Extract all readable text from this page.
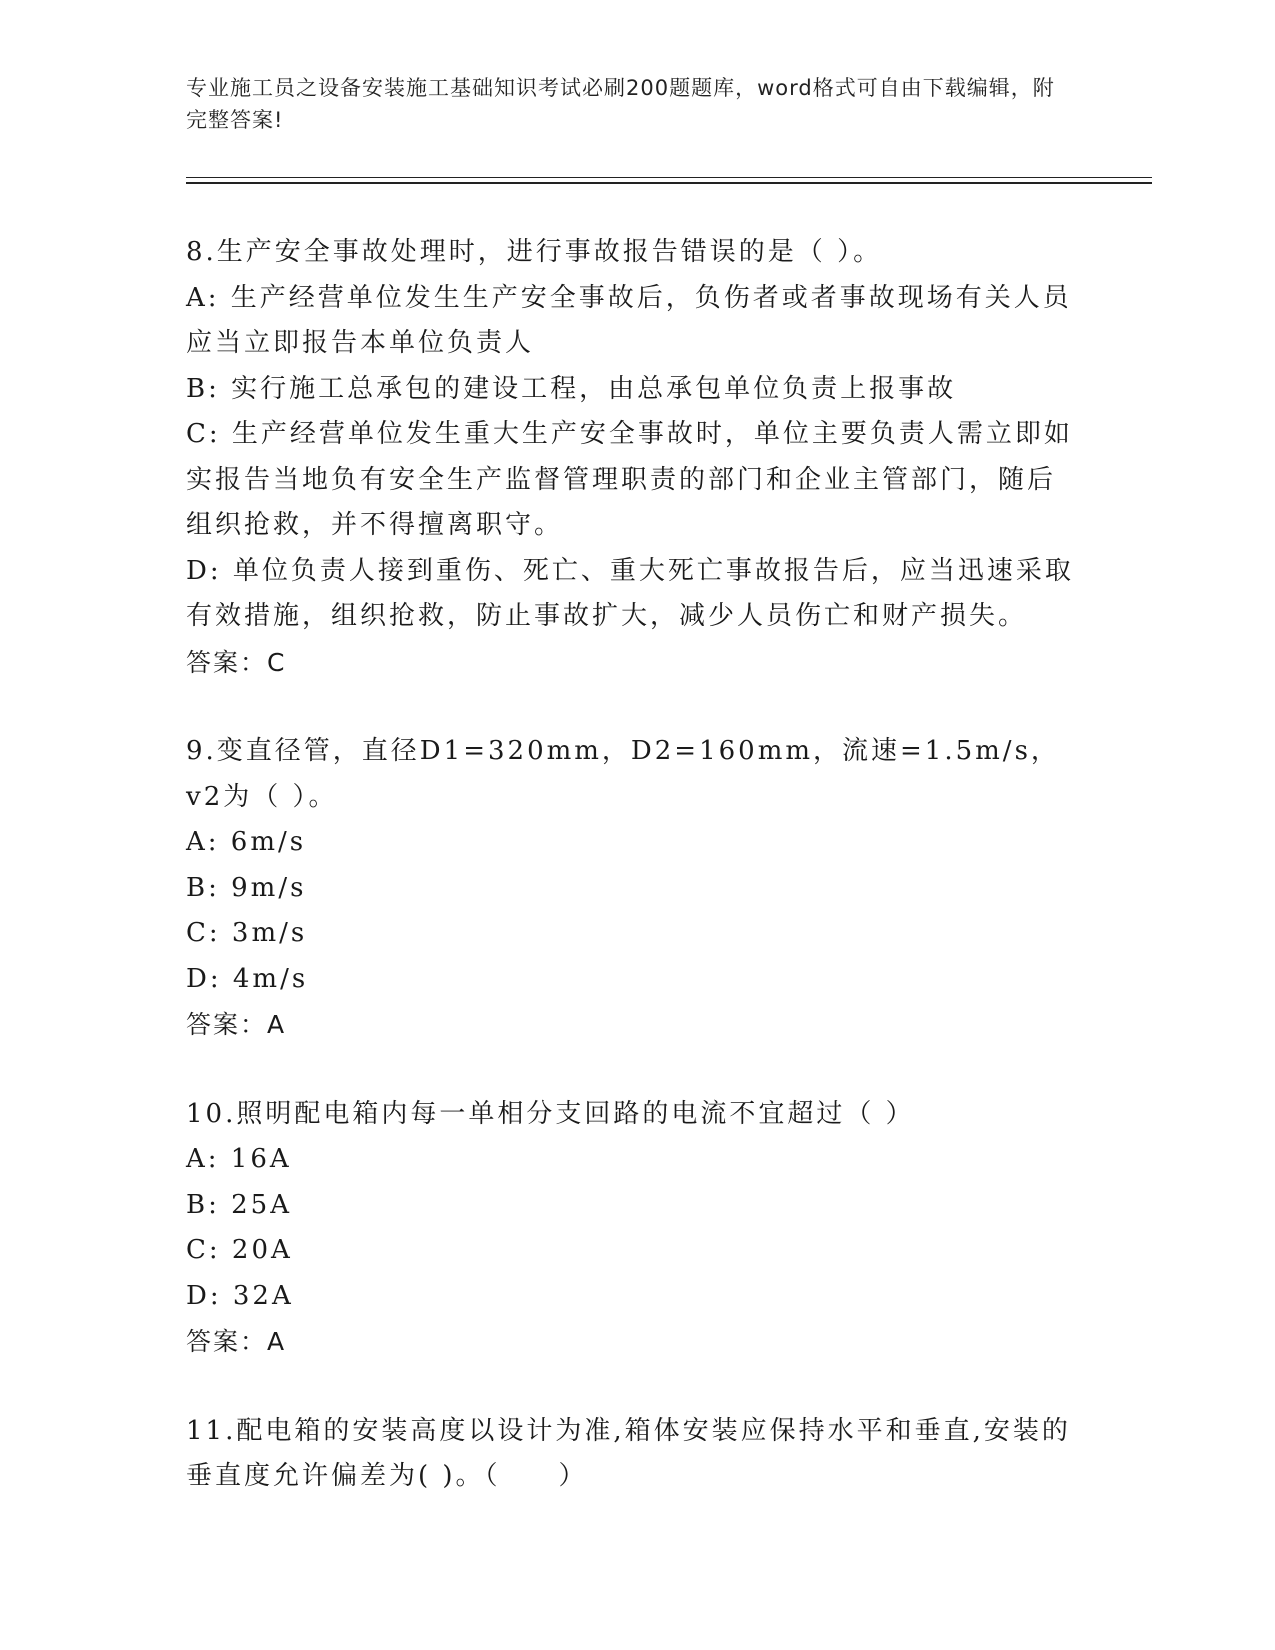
专业施工员之设备安装施工基础知识考试必刷200题题库，word格式可自由下载编辑，附完整答案!

8.生产安全事故处理时，进行事故报告错误的是（ ）。

A: 生产经营单位发生生产安全事故后，负伤者或者事故现场有关人员应当立即报告本单位负责人

B: 实行施工总承包的建设工程，由总承包单位负责上报事故

C: 生产经营单位发生重大生产安全事故时，单位主要负责人需立即如实报告当地负有安全生产监督管理职责的部门和企业主管部门，随后组织抢救，并不得擅离职守。

D: 单位负责人接到重伤、死亡、重大死亡事故报告后，应当迅速采取有效措施，组织抢救，防止事故扩大，减少人员伤亡和财产损失。

答案：C

9.变直径管，直径D1=320mm，D2=160mm，流速=1.5m/s，v2为（ ）。

A: 6m/s

B: 9m/s

C: 3m/s

D: 4m/s

答案：A

10.照明配电箱内每一单相分支回路的电流不宜超过（ ）

A: 16A

B: 25A

C: 20A

D: 32A

答案：A

11.配电箱的安装高度以设计为准,箱体安装应保持水平和垂直,安装的垂直度允许偏差为( )。（　　）
